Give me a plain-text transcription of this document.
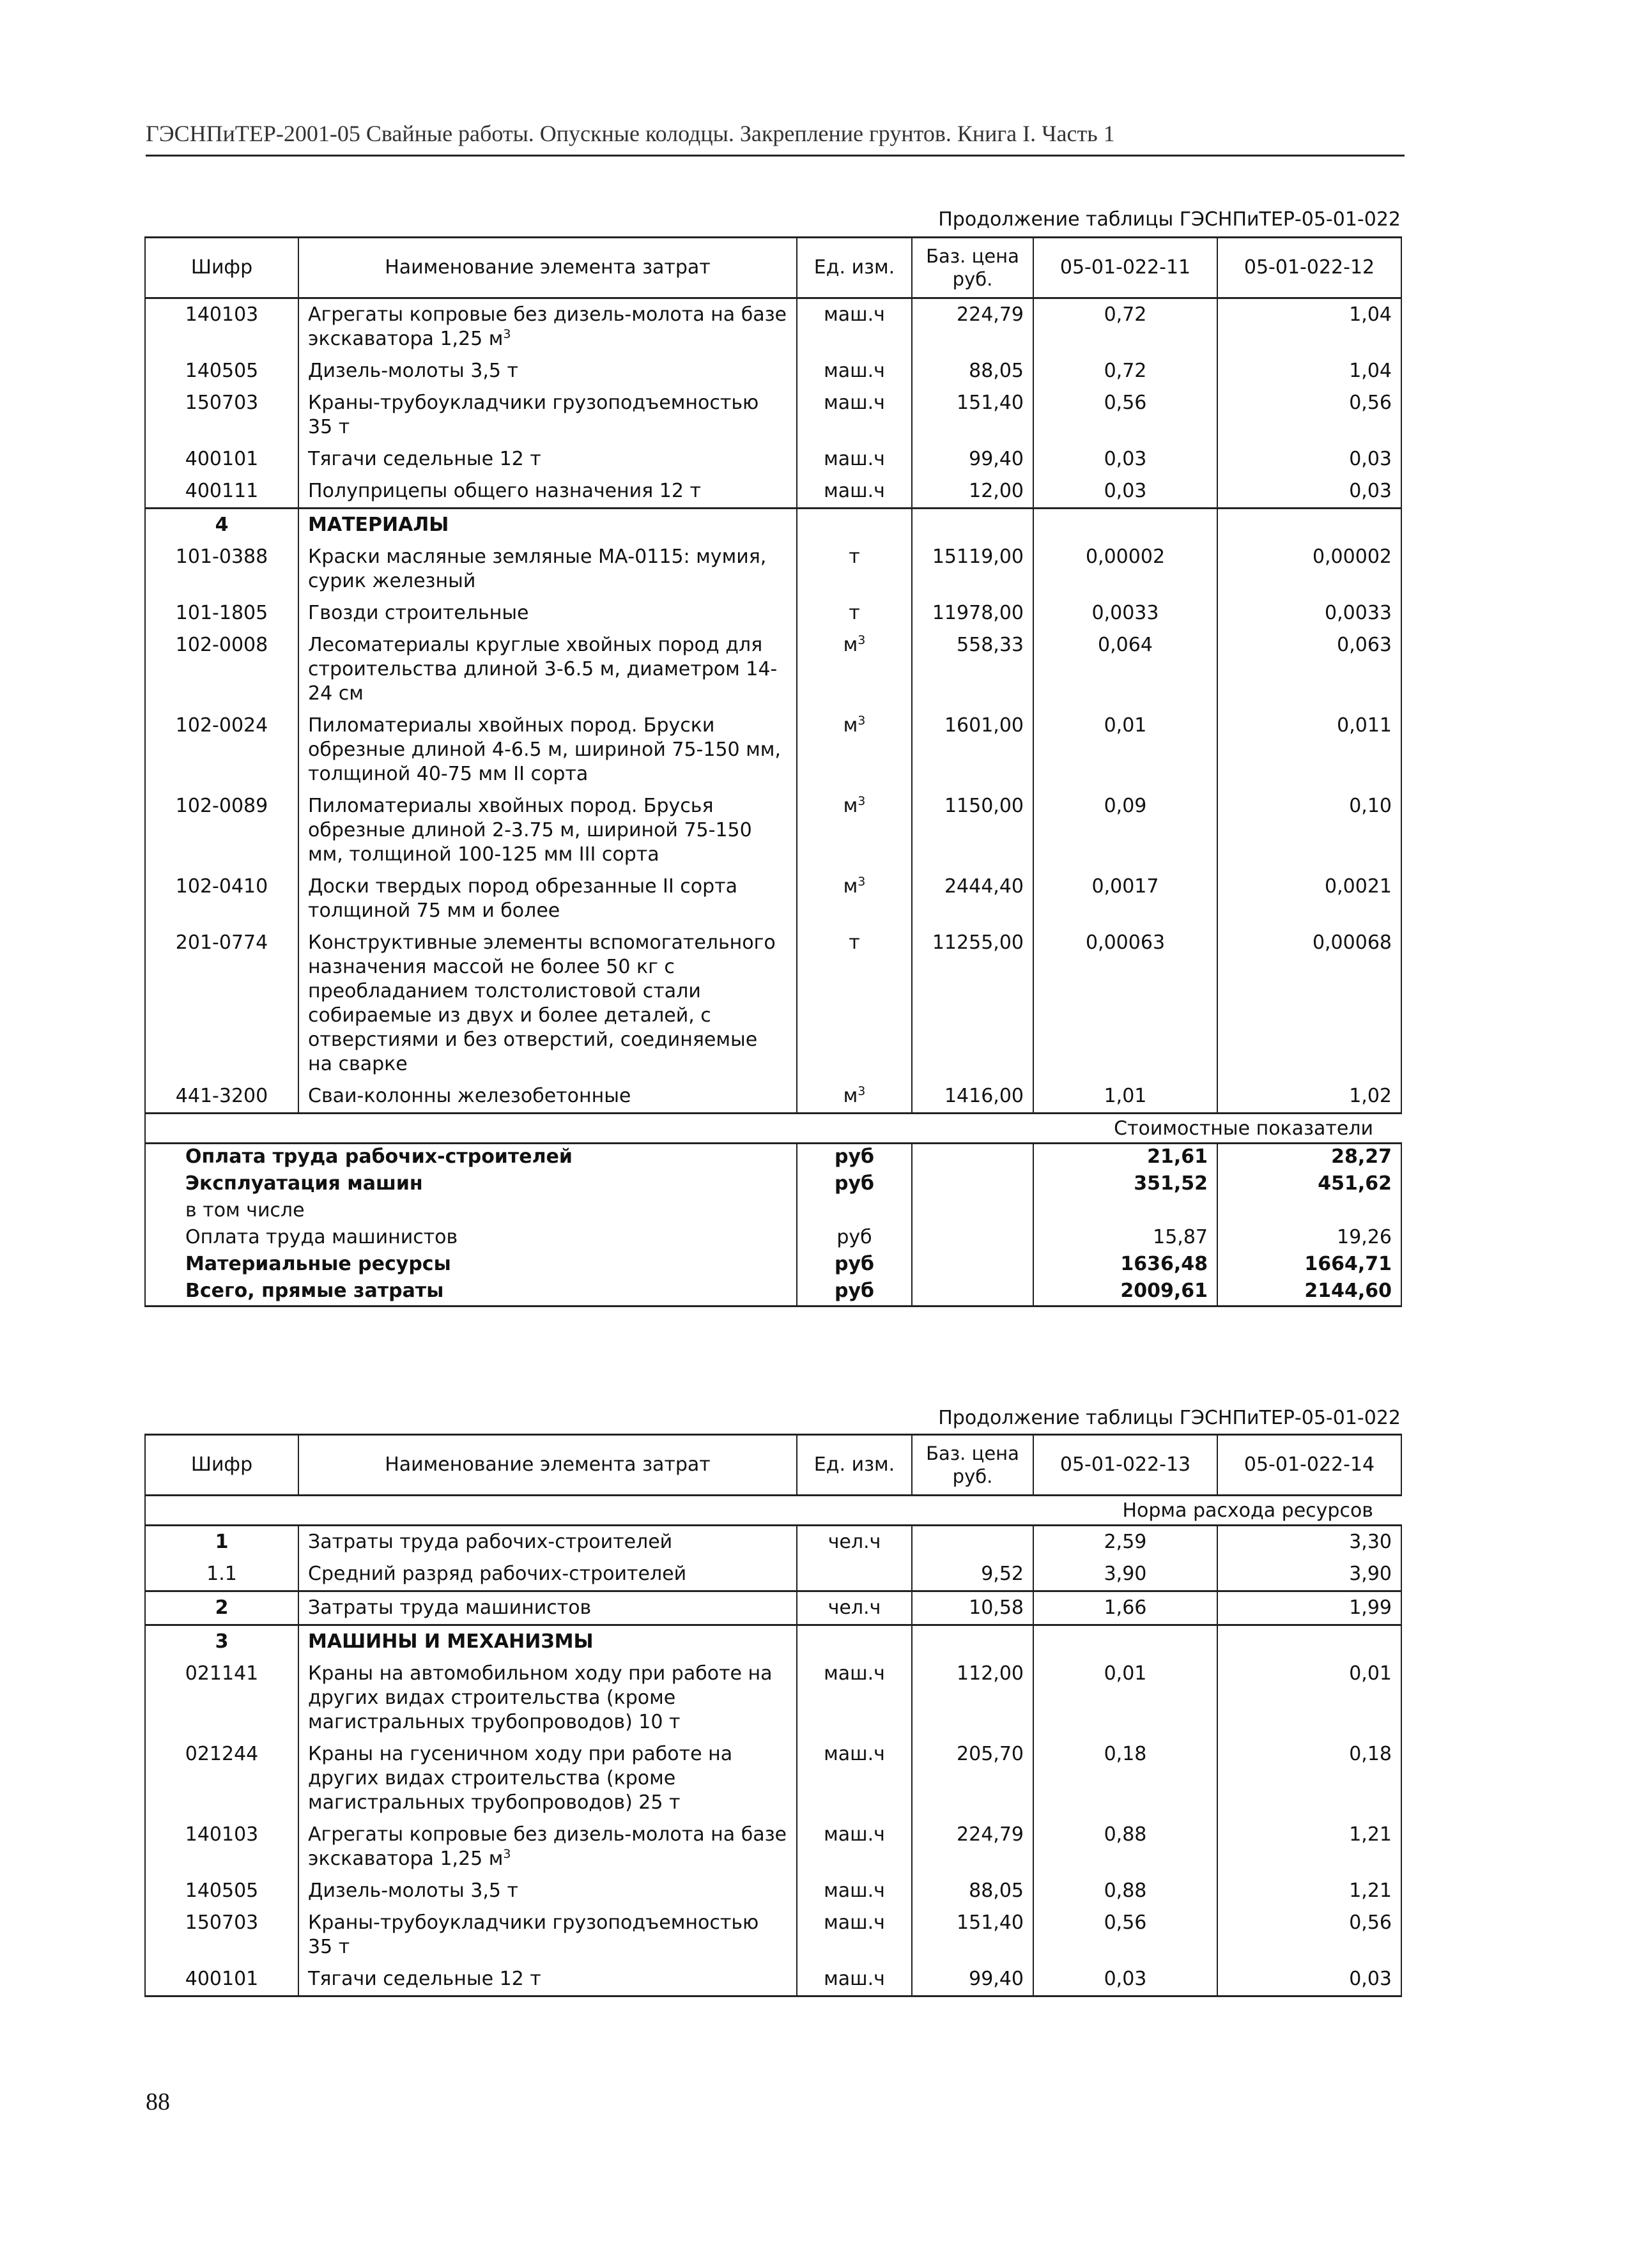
ГЭСНПиТЕР-2001-05 Свайные работы. Опускные колодцы. Закрепление грунтов. Книга I. Часть 1
Продолжение таблицы ГЭСНПиТЕР-05-01-022
Шифр	Наименование элемента затрат	Ед. изм.	Баз. цена руб.	05-01-022-11	05-01-022-12
140103	Агрегаты копровые без дизель-молота на базе экскаватора 1,25 $м^3$	маш.ч	224,79	0,72	1,04
140505	Дизель-молоты 3,5 т	маш.ч	88,05	0,72	1,04
150703	Краны-трубоукладчики грузоподъемностью 35 т	маш.ч	151,40	0,56	0,56
400101	Тягачи седельные 12 т	маш.ч	99,40	0,03	0,03
400111	Полуприцепы общего назначения 12 т	маш.ч	12,00	0,03	0,03
4	МАТЕРИАЛЫ				
101-0388	Краски масляные земляные МА-0115: мумия, сурик железный	т	15119,00	0,00002	0,00002
101-1805	Гвозди строительные	т	11978,00	0,0033	0,0033
102-0008	Лесоматериалы круглые хвойных пород для строительства длиной 3-6.5 м, диаметром 14-24 см	$м^3$	558,33	0,064	0,063
102-0024	Пиломатериалы хвойных пород. Бруски обрезные длиной 4-6.5 м, шириной 75-150 мм, толщиной 40-75 мм II сорта	$м^3$	1601,00	0,01	0,011
102-0089	Пиломатериалы хвойных пород. Брусья обрезные длиной 2-3.75 м, шириной 75-150 мм, толщиной 100-125 мм III сорта	$м^3$	1150,00	0,09	0,10
102-0410	Доски твердых пород обрезанные II сорта толщиной 75 мм и более	$м^3$	2444,40	0,0017	0,0021
201-0774	Конструктивные элементы вспомогательного назначения массой не более 50 кг с преобладанием толстолистовой стали собираемые из двух и более деталей, с отверстиями и без отверстий, соединяемые на сварке	т	11255,00	0,00063	0,00068
441-3200	Сваи-колонны железобетонные	$м^3$	1416,00	1,01	1,02
			Стоимостные показатели		
Оплата труда рабочих-строителей		руб		21,61	28,27
Эксплуатация машин		руб		351,52	451,62
в том числе					
Оплата труда машинистов		руб		15,87	19,26
Материальные ресурсы		руб		1636,48	1664,71
Всего, прямые затраты		руб		2009,61	2144,60
Продолжение таблицы ГЭСНПиТЕР-05-01-022
Шифр	Наименование элемента затрат	Ед. изм.	Баз. цена руб.	05-01-022-13	05-01-022-14
			Норма расхода ресурсов		
1	Затраты труда рабочих-строителей	чел.ч		2,59	3,30
1.1	Средний разряд рабочих-строителей		9,52	3,90	3,90
2	Затраты труда машинистов	чел.ч	10,58	1,66	1,99
3	МАШИНЫ И МЕХАНИЗМЫ				
021141	Краны на автомобильном ходу при работе на других видах строительства (кроме магистральных трубопроводов) 10 т	маш.ч	112,00	0,01	0,01
021244	Краны на гусеничном ходу при работе на других видах строительства (кроме магистральных трубопроводов) 25 т	маш.ч	205,70	0,18	0,18
140103	Агрегаты копровые без дизель-молота на базе экскаватора 1,25 $м^3$	маш.ч	224,79	0,88	1,21
140505	Дизель-молоты 3,5 т	маш.ч	88,05	0,88	1,21
150703	Краны-трубоукладчики грузоподъемностью 35 т	маш.ч	151,40	0,56	0,56
400101	Тягачи седельные 12 т	маш.ч	99,40	0,03	0,03
88
